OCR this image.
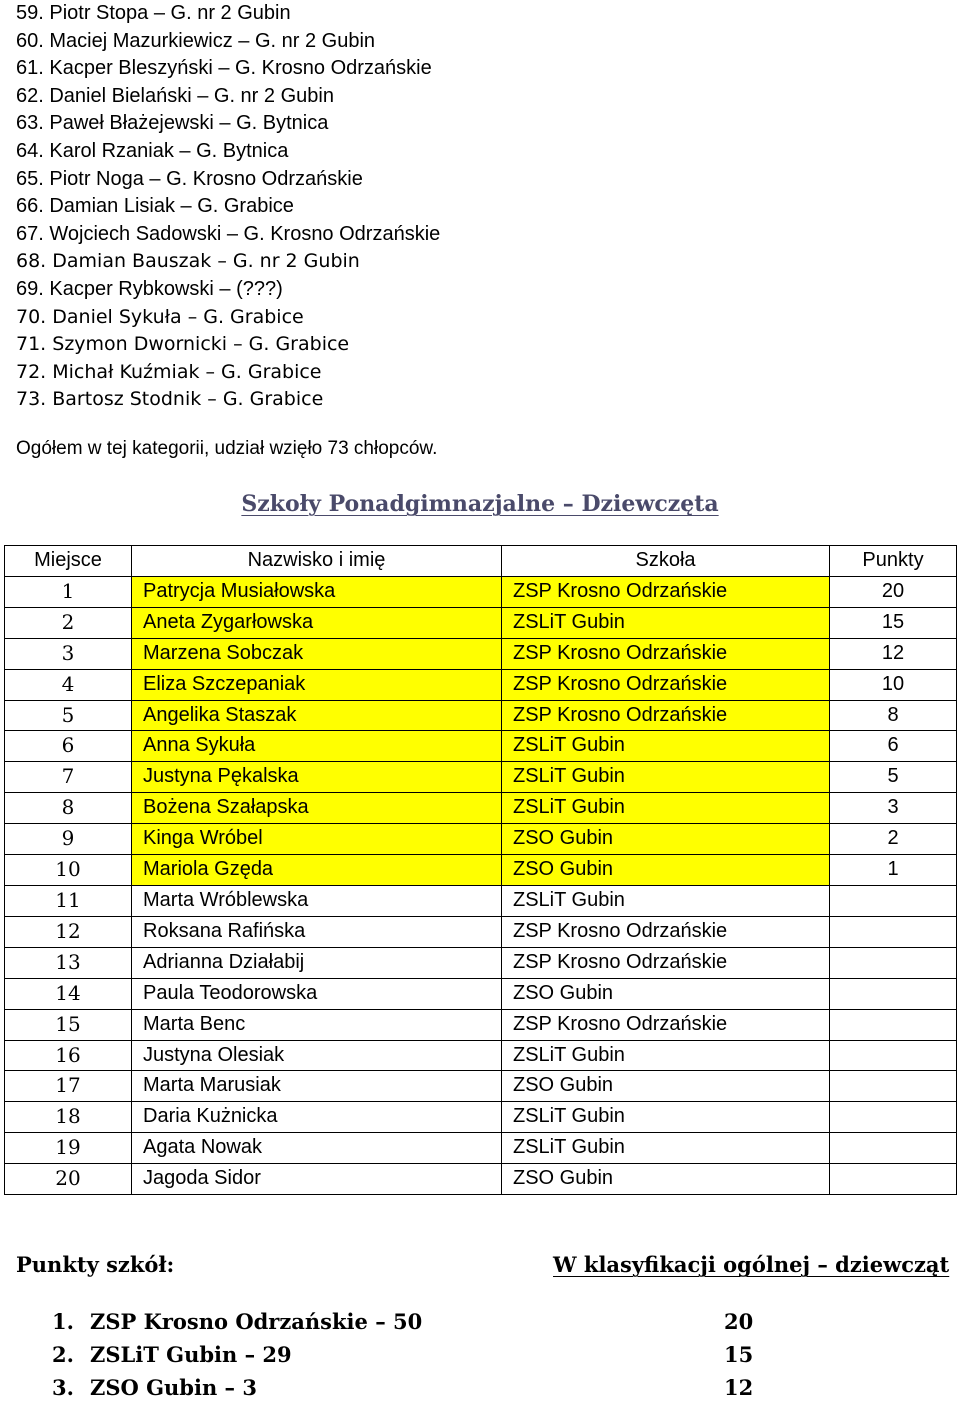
59. Piotr Stopa – G. nr 2 Gubin
60. Maciej Mazurkiewicz – G. nr 2 Gubin
61. Kacper Bleszyński – G. Krosno Odrzańskie
62. Daniel Bielański – G. nr 2 Gubin
63. Paweł Błażejewski – G. Bytnica
64. Karol Rzaniak – G. Bytnica
65. Piotr Noga – G. Krosno Odrzańskie
66. Damian Lisiak – G. Grabice
67. Wojciech Sadowski – G. Krosno Odrzańskie
68. Damian Bauszak – G. nr 2 Gubin
69. Kacper Rybkowski – (???)
70. Daniel Sykuła – G. Grabice
71. Szymon Dwornicki – G. Grabice
72. Michał Kuźmiak – G. Grabice
73. Bartosz Stodnik – G. Grabice
Ogółem w tej kategorii, udział wzięło 73 chłopców.
Szkoły Ponadgimnazjalne – Dziewczęta
Miejsce	Nazwisko i imię	Szkoła	Punkty
1	Patrycja Musiałowska	ZSP Krosno Odrzańskie	20
2	Aneta Zygarłowska	ZSLiT Gubin	15
3	Marzena Sobczak	ZSP Krosno Odrzańskie	12
4	Eliza Szczepaniak	ZSP Krosno Odrzańskie	10
5	Angelika Staszak	ZSP Krosno Odrzańskie	8
6	Anna Sykuła	ZSLiT Gubin	6
7	Justyna Pękalska	ZSLiT Gubin	5
8	Bożena Szałapska	ZSLiT Gubin	3
9	Kinga Wróbel	ZSO Gubin	2
10	Mariola Gzęda	ZSO Gubin	1
11	Marta Wróblewska	ZSLiT Gubin	
12	Roksana Rafińska	ZSP Krosno Odrzańskie	
13	Adrianna Działabij	ZSP Krosno Odrzańskie	
14	Paula Teodorowska	ZSO Gubin	
15	Marta Benc	ZSP Krosno Odrzańskie	
16	Justyna Olesiak	ZSLiT Gubin	
17	Marta Marusiak	ZSO Gubin	
18	Daria Kużnicka	ZSLiT Gubin	
19	Agata Nowak	ZSLiT Gubin	
20	Jagoda Sidor	ZSO Gubin	
Punkty szkół:	W klasyfikacji ogólnej – dziewcząt
1. ZSP Krosno Odrzańskie – 50	20
2. ZSLiT Gubin – 29	15
3. ZSO Gubin – 3	12
